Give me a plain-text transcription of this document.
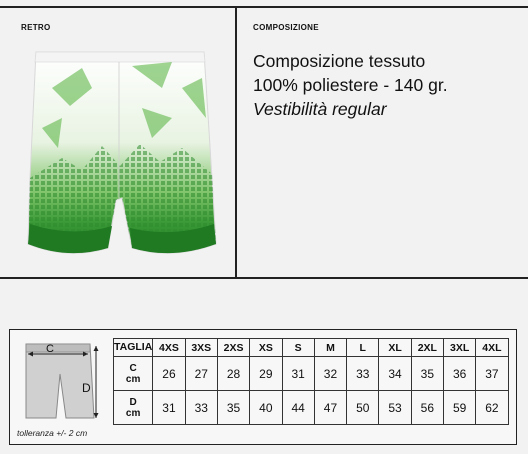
RETRO	COMPOSIZIONE
Composizione tessuto
100% poliestere - 140 gr.
Vestibilità regular
C
D
tolleranza +/- 2 cm
TAGLIA	4XS	3XS	2XS	XS	S	M	L	XL	2XL	3XL	4XL
C
cm	26	27	28	29	31	32	33	34	35	36	37
D
cm	31	33	35	40	44	47	50	53	56	59	62
